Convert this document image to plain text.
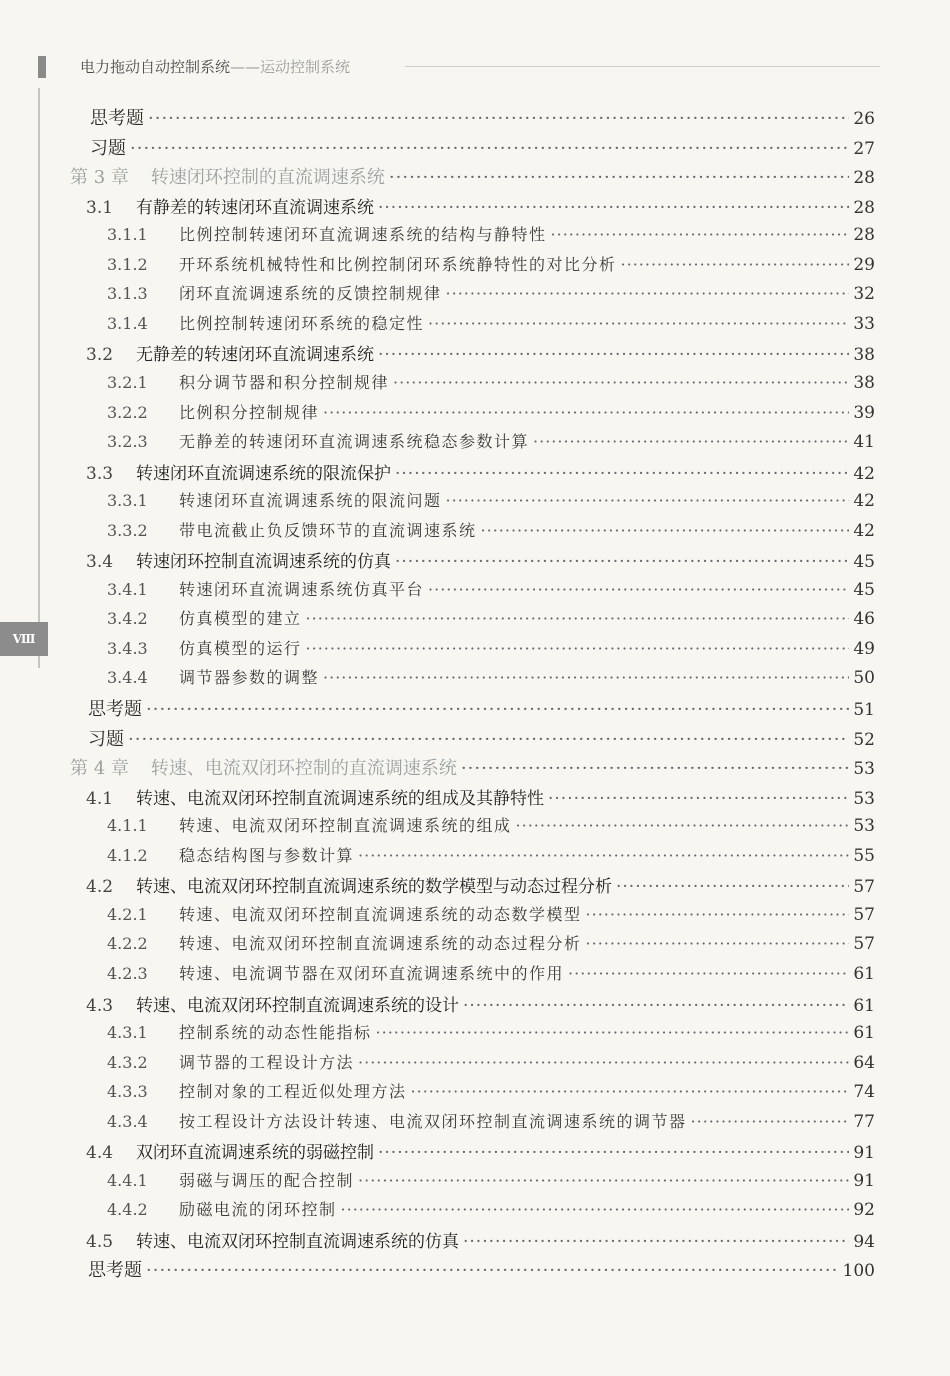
电力拖动自动控制系统——运动控制系统
Ⅷ
思考题 ·····	26
习题 ·····	27
第 3 章 转速闭环控制的直流调速系统 ·····	28
3.1	有静差的转速闭环直流调速系统 ·····	28
3.1.1	比例控制转速闭环直流调速系统的结构与静特性 ·····	28
3.1.2	开环系统机械特性和比例控制闭环系统静特性的对比分析 ·····	29
3.1.3	闭环直流调速系统的反馈控制规律 ·····	32
3.1.4	比例控制转速闭环系统的稳定性 ·····	33
3.2	无静差的转速闭环直流调速系统 ·····	38
3.2.1	积分调节器和积分控制规律 ·····	38
3.2.2	比例积分控制规律 ·····	39
3.2.3	无静差的转速闭环直流调速系统稳态参数计算 ·····	41
3.3	转速闭环直流调速系统的限流保护 ·····	42
3.3.1	转速闭环直流调速系统的限流问题 ·····	42
3.3.2	带电流截止负反馈环节的直流调速系统 ·····	42
3.4	转速闭环控制直流调速系统的仿真 ·····	45
3.4.1	转速闭环直流调速系统仿真平台 ·····	45
3.4.2	仿真模型的建立 ·····	46
3.4.3	仿真模型的运行 ·····	49
3.4.4	调节器参数的调整 ·····	50
思考题 ·····	51
习题 ·····	52
第 4 章 转速、电流双闭环控制的直流调速系统 ·····	53
4.1	转速、电流双闭环控制直流调速系统的组成及其静特性 ·····	53
4.1.1	转速、电流双闭环控制直流调速系统的组成 ·····	53
4.1.2	稳态结构图与参数计算 ·····	55
4.2	转速、电流双闭环控制直流调速系统的数学模型与动态过程分析 ·····	57
4.2.1	转速、电流双闭环控制直流调速系统的动态数学模型 ·····	57
4.2.2	转速、电流双闭环控制直流调速系统的动态过程分析 ·····	57
4.2.3	转速、电流调节器在双闭环直流调速系统中的作用 ·····	61
4.3	转速、电流双闭环控制直流调速系统的设计 ·····	61
4.3.1	控制系统的动态性能指标 ·····	61
4.3.2	调节器的工程设计方法 ·····	64
4.3.3	控制对象的工程近似处理方法 ·····	74
4.3.4	按工程设计方法设计转速、电流双闭环控制直流调速系统的调节器 ·····	77
4.4	双闭环直流调速系统的弱磁控制 ·····	91
4.4.1	弱磁与调压的配合控制 ·····	91
4.4.2	励磁电流的闭环控制 ·····	92
4.5	转速、电流双闭环控制直流调速系统的仿真 ·····	94
思考题 ·····	100
